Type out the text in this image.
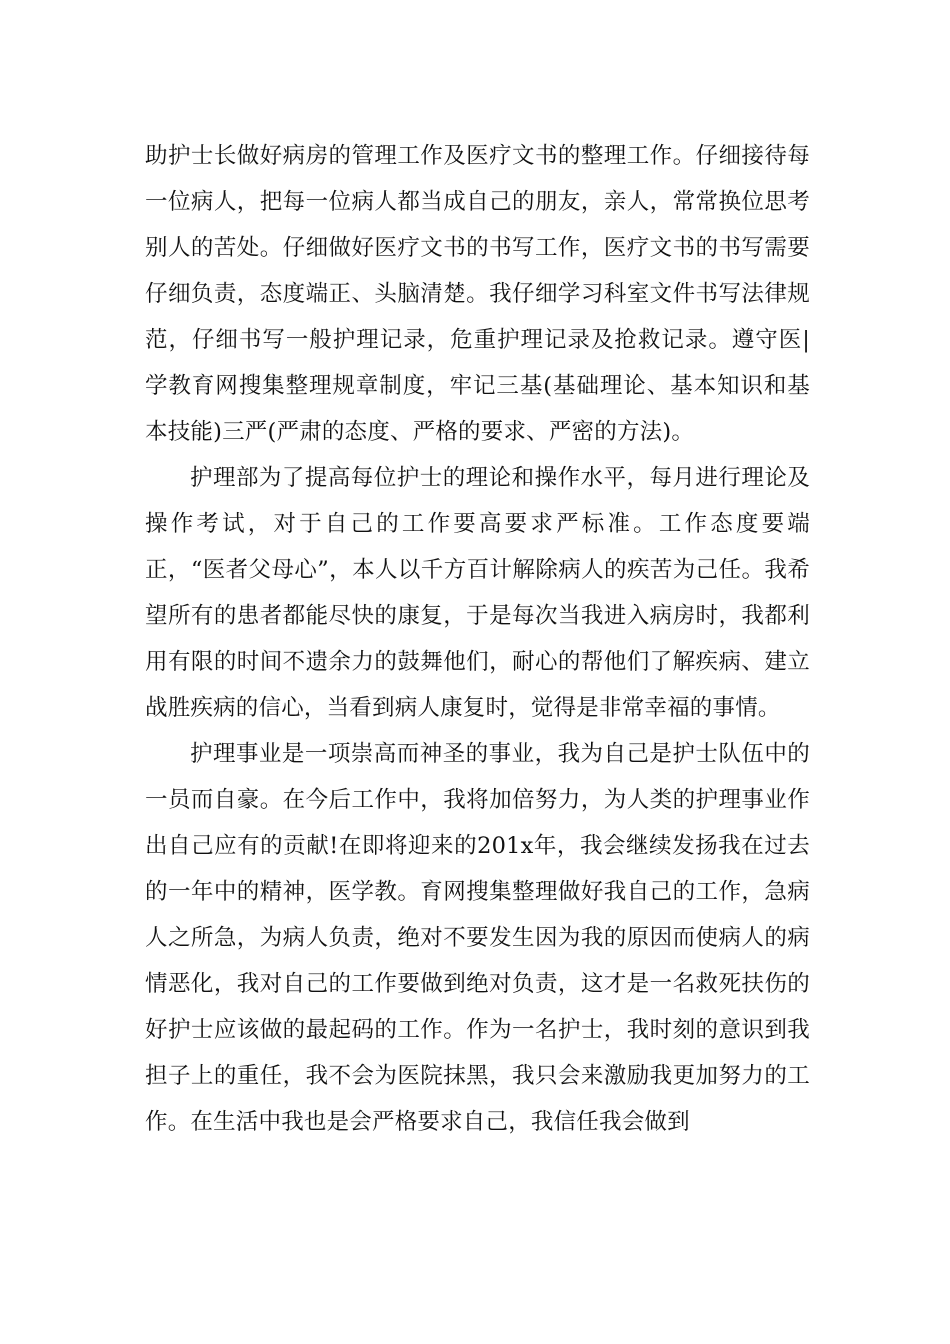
助护士长做好病房的管理工作及医疗文书的整理工作。仔细接待每一位病人，把每一位病人都当成自己的朋友，亲人，常常换位思考别人的苦处。仔细做好医疗文书的书写工作，医疗文书的书写需要仔细负责，态度端正、头脑清楚。我仔细学习科室文件书写法律规范，仔细书写一般护理记录，危重护理记录及抢救记录。遵守医|学教育网搜集整理规章制度，牢记三基(基础理论、基本知识和基本技能)三严(严肃的态度、严格的要求、严密的方法)。

护理部为了提高每位护士的理论和操作水平，每月进行理论及操作考试，对于自己的工作要高要求严标准。工作态度要端正，“医者父母心”，本人以千方百计解除病人的疾苦为己任。我希望所有的患者都能尽快的康复，于是每次当我进入病房时，我都利用有限的时间不遗余力的鼓舞他们，耐心的帮他们了解疾病、建立战胜疾病的信心，当看到病人康复时，觉得是非常幸福的事情。

护理事业是一项崇高而神圣的事业，我为自己是护士队伍中的一员而自豪。在今后工作中，我将加倍努力，为人类的护理事业作出自己应有的贡献!在即将迎来的201x年，我会继续发扬我在过去的一年中的精神，医学教。育网搜集整理做好我自己的工作，急病人之所急，为病人负责，绝对不要发生因为我的原因而使病人的病情恶化，我对自己的工作要做到绝对负责，这才是一名救死扶伤的好护士应该做的最起码的工作。作为一名护士，我时刻的意识到我担子上的重任，我不会为医院抹黑，我只会来激励我更加努力的工作。在生活中我也是会严格要求自己，我信任我会做到
